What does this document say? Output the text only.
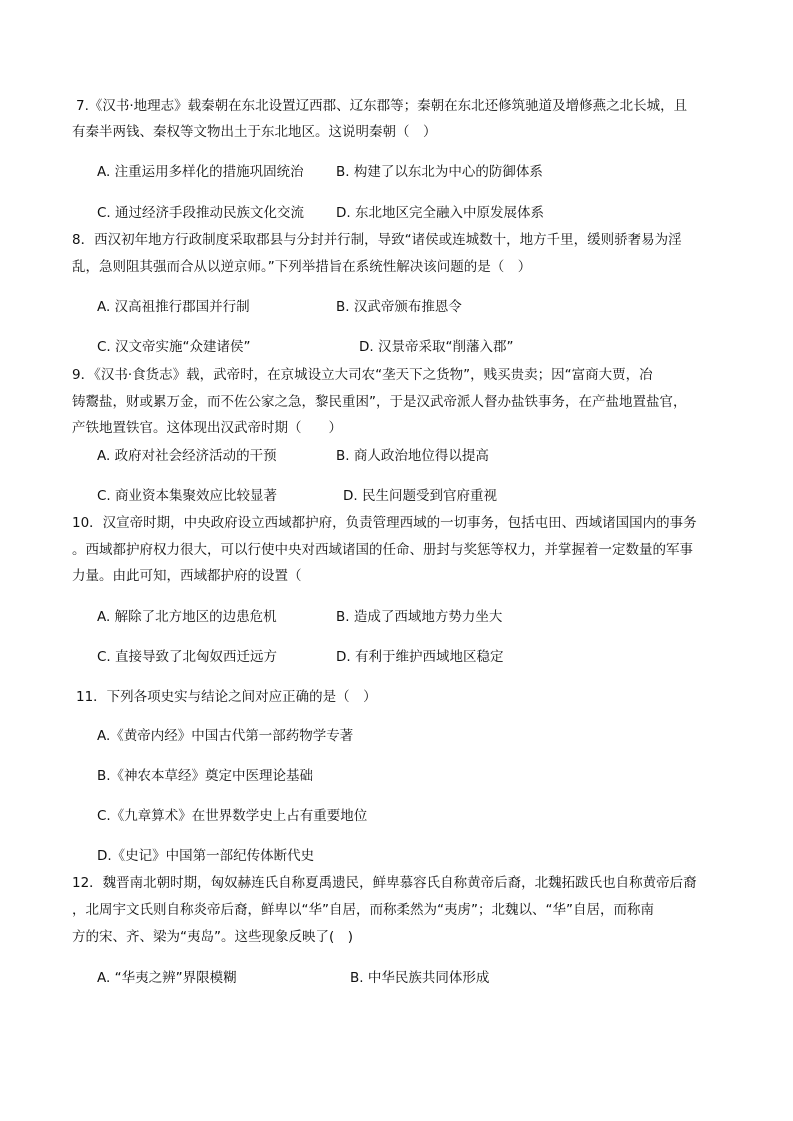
7.《汉书·地理志》载秦朝在东北设置辽西郡、辽东郡等；秦朝在东北还修筑驰道及增修燕之北长城，且
有秦半两钱、秦权等文物出土于东北地区。这说明秦朝（　）
A. 注重运用多样化的措施巩固统治 B. 构建了以东北为中心的防御体系
C. 通过经济手段推动民族文化交流 D. 东北地区完全融入中原发展体系
8．西汉初年地方行政制度采取郡县与分封并行制，导致“诸侯或连城数十，地方千里，缓则骄奢易为淫
乱，急则阻其强而合从以逆京师。”下列举措旨在系统性解决该问题的是（　）
A. 汉高祖推行郡国并行制	B. 汉武帝颁布推恩令
C. 汉文帝实施“众建诸侯”	D. 汉景帝采取“削藩入郡”
9．《汉书·食货志》载，武帝时，在京城设立大司农“垄天下之货物”，贱买贵卖；因“富商大贾，冶
铸鬻盐，财或累万金，而不佐公家之急，黎民重困”，于是汉武帝派人督办盐铁事务，在产盐地置盐官，
产铁地置铁官。这体现出汉武帝时期（　　）
A. 政府对社会经济活动的干预	B. 商人政治地位得以提高
C. 商业资本集聚效应比较显著	D. 民生问题受到官府重视
10．汉宣帝时期，中央政府设立西域都护府，负责管理西域的一切事务，包括屯田、西域诸国国内的事务
。西域都护府权力很大，可以行使中央对西域诸国的任命、册封与奖惩等权力，并掌握着一定数量的军事
力量。由此可知，西域都护府的设置（
A. 解除了北方地区的边患危机	B. 造成了西域地方势力坐大
C. 直接导致了北匈奴西迁远方	D. 有利于维护西域地区稳定
11．下列各项史实与结论之间对应正确的是（　）
A.《黄帝内经》中国古代第一部药物学专著
B.《神农本草经》奠定中医理论基础
C.《九章算术》在世界数学史上占有重要地位
D.《史记》中国第一部纪传体断代史
12．魏晋南北朝时期，匈奴赫连氏自称夏禹遗民，鲜卑慕容氏自称黄帝后裔，北魏拓跋氏也自称黄帝后裔
，北周宇文氏则自称炎帝后裔，鲜卑以“华”自居，而称柔然为“夷虏”；北魏以、“华”自居，而称南
方的宋、齐、梁为“夷岛”。这些现象反映了(　)
A. “华夷之辨”界限模糊	B. 中华民族共同体形成
